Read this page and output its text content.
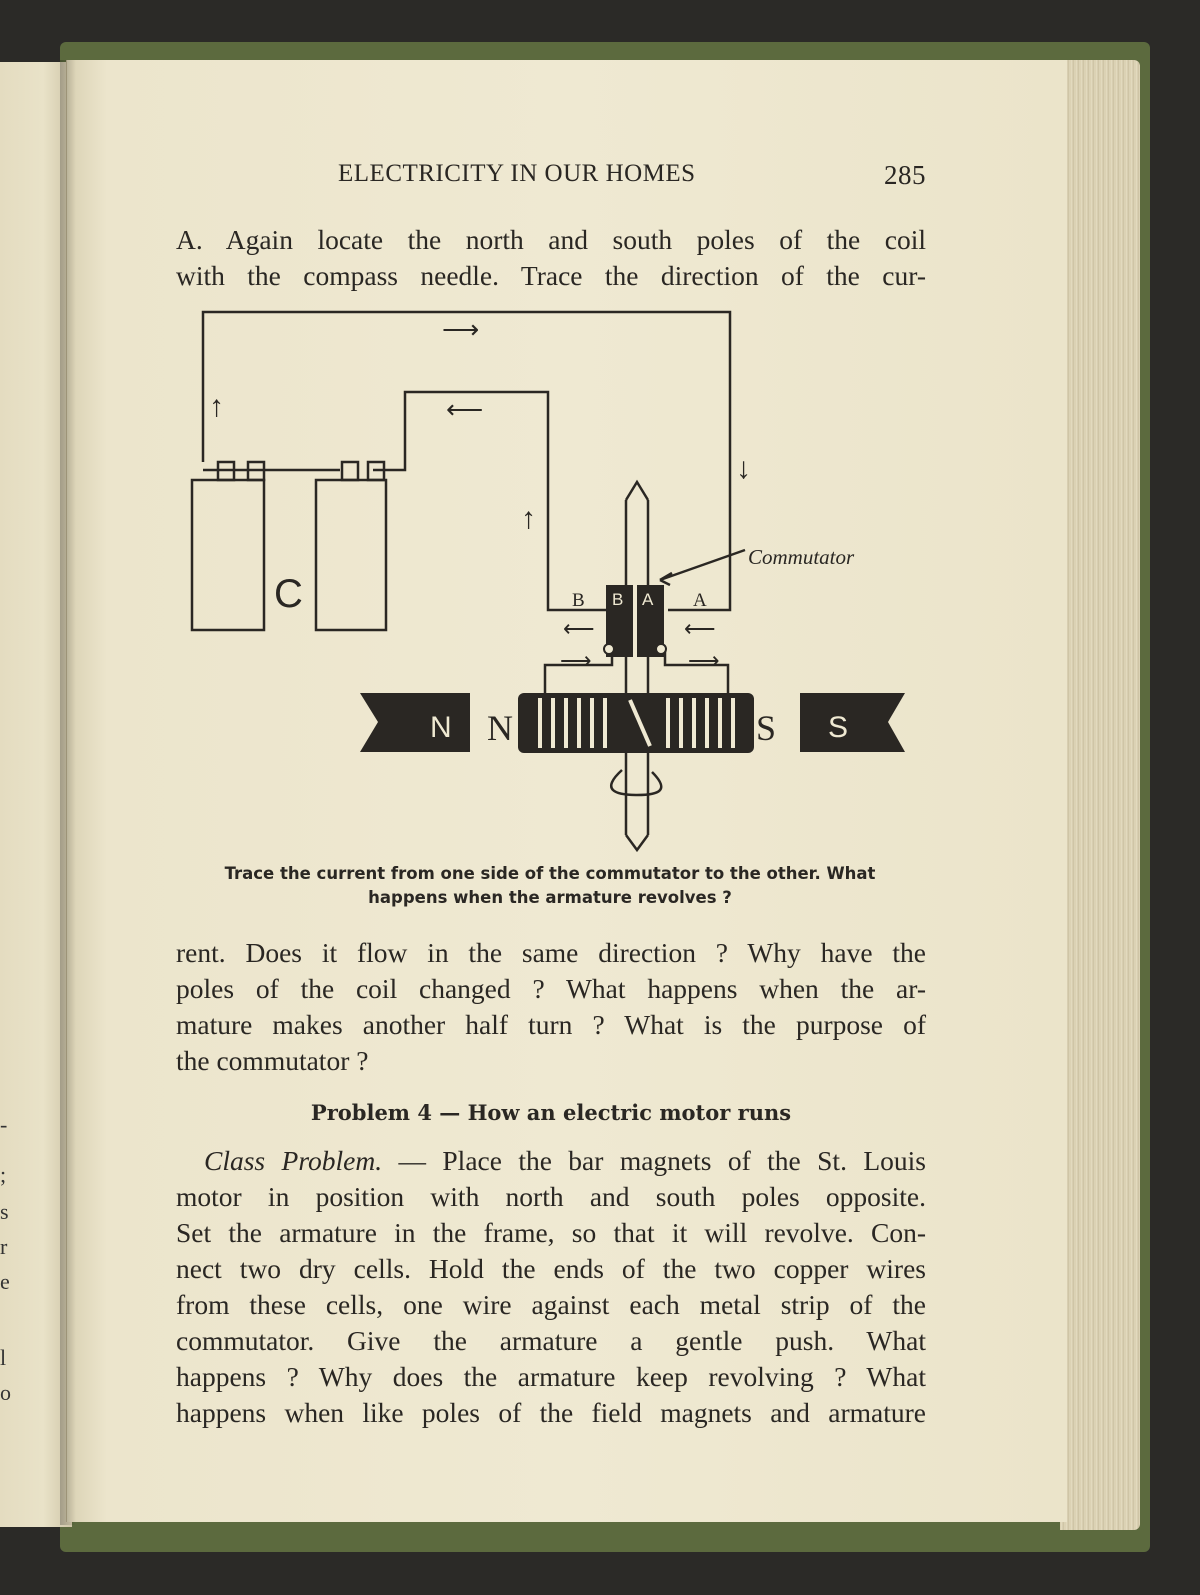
-
;
s
r
e
l
o
ELECTRICITY IN OUR HOMES	285
A. Again locate the north and south poles of the coil
with the compass needle. Trace the direction of the cur-
C
N	S
B A
N	S
B	A
Commutator
⟶
⟵
↑
↑
↓
⟵	⟵
⟶	⟶
Trace the current from one side of the commutator to the other. What
happens when the armature revolves ?
rent. Does it flow in the same direction ? Why have the
poles of the coil changed ? What happens when the ar-
mature makes another half turn ? What is the purpose of
the commutator ?
Problem 4 — How an electric motor runs
Class Problem. — Place the bar magnets of the St. Louis
motor in position with north and south poles opposite.
Set the armature in the frame, so that it will revolve. Con-
nect two dry cells. Hold the ends of the two copper wires
from these cells, one wire against each metal strip of the
commutator. Give the armature a gentle push. What
happens ? Why does the armature keep revolving ? What
happens when like poles of the field magnets and armature
